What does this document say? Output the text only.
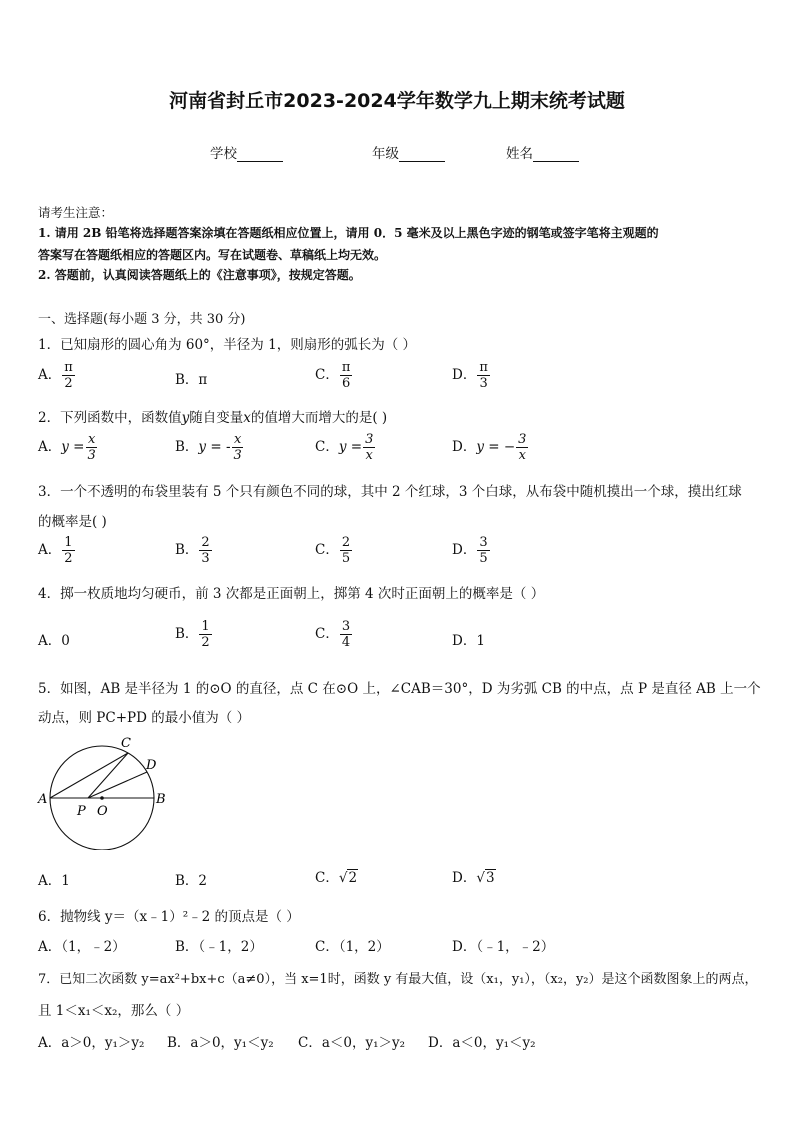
河南省封丘市2023-2024学年数学九上期末统考试题
学校	年级	姓名
请考生注意：
1. 请用 2B 铅笔将选择题答案涂填在答题纸相应位置上，请用 0．5 毫米及以上黑色字迹的钢笔或签字笔将主观题的
答案写在答题纸相应的答题区内。写在试题卷、草稿纸上均无效。
2. 答题前，认真阅读答题纸上的《注意事项》，按规定答题。
一、选择题(每小题 3 分，共 30 分)
1．已知扇形的圆心角为 60°，半径为 1，则扇形的弧长为（ ）
A． $\frac{\pi}{2}$	B．π	C． $\frac{\pi}{6}$	D． $\frac{\pi}{3}$
2．下列函数中，函数值y随自变量x的值增大而增大的是( )
A．$y = \frac{x}{3}$	B．y = - $\frac{x}{3}$	C．$y = \frac{3}{x}$	D．y = − $\frac{3}{x}$
3．一个不透明的布袋里装有 5 个只有颜色不同的球，其中 2 个红球，3 个白球，从布袋中随机摸出一个球，摸出红球
的概率是( )
A． $\frac{1}{2}$	B． $\frac{2}{3}$	C． $\frac{2}{5}$	D． $\frac{3}{5}$
4．掷一枚质地均匀硬币，前 3 次都是正面朝上，掷第 4 次时正面朝上的概率是（ ）
A．0	B． $\frac{1}{2}$	C． $\frac{3}{4}$	D．1
5．如图，AB 是半径为 1 的⊙O 的直径，点 C 在⊙O 上，∠CAB＝30°，D 为劣弧 CB 的中点，点 P 是直径 AB 上一个
动点，则 PC+PD 的最小值为（ ）
A	B
C
D
P O
A．1	B．2	C．√2	D．√3
6．抛物线 y＝（x﹣1）²﹣2 的顶点是（ ）
A．（1，﹣2）	B．（﹣1，2）	C．（1，2）	D．（﹣1，﹣2）
7．已知二次函数 y=ax²+bx+c（a≠0），当 x=1时，函数 y 有最大值，设（x₁，y₁），（x₂，y₂）是这个函数图象上的两点，
且 1＜x₁＜x₂，那么（ ）
A．a＞0，y₁＞y₂ B．a＞0，y₁＜y₂ C．a＜0，y₁＞y₂ D．a＜0，y₁＜y₂
